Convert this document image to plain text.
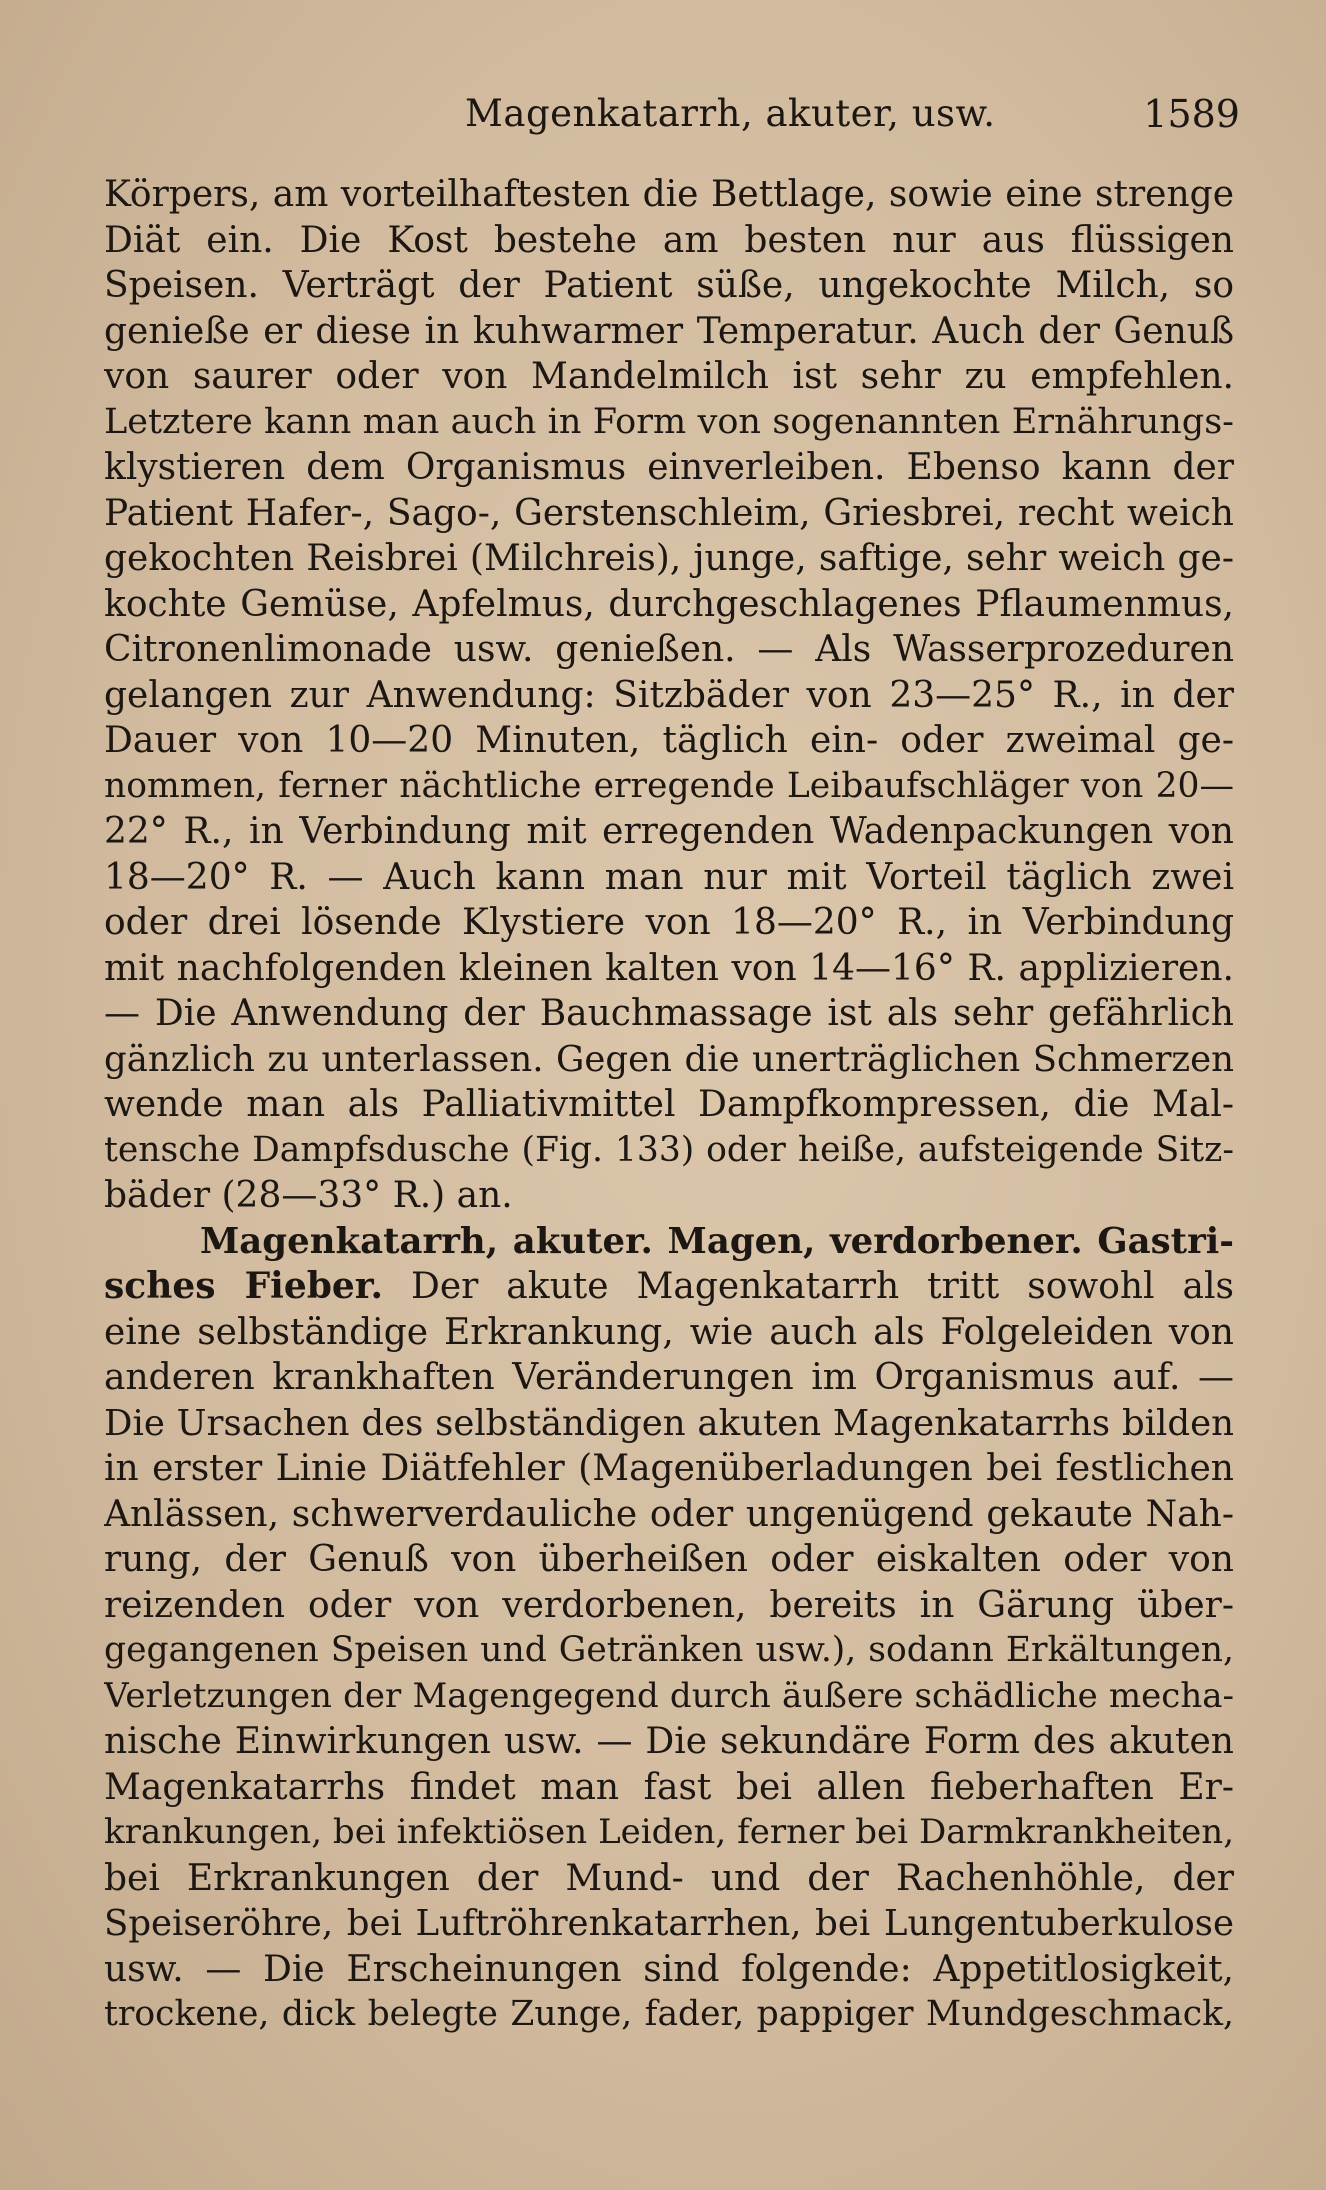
Magenkatarrh, akuter, usw.	1589
Körpers, am vorteilhaftesten die Bettlage, sowie eine strenge
Diät ein. Die Kost bestehe am besten nur aus flüssigen
Speisen. Verträgt der Patient süße, ungekochte Milch, so
genieße er diese in kuhwarmer Temperatur. Auch der Genuß
von saurer oder von Mandelmilch ist sehr zu empfehlen.
Letztere kann man auch in Form von sogenannten Ernährungs-
klystieren dem Organismus einverleiben. Ebenso kann der
Patient Hafer-, Sago-, Gerstenschleim, Griesbrei, recht weich
gekochten Reisbrei (Milchreis), junge, saftige, sehr weich ge-
kochte Gemüse, Apfelmus, durchgeschlagenes Pflaumenmus,
Citronenlimonade usw. genießen. — Als Wasserprozeduren
gelangen zur Anwendung: Sitzbäder von 23—25° R., in der
Dauer von 10—20 Minuten, täglich ein- oder zweimal ge-
nommen, ferner nächtliche erregende Leibaufschläger von 20—
22° R., in Verbindung mit erregenden Wadenpackungen von
18—20° R. — Auch kann man nur mit Vorteil täglich zwei
oder drei lösende Klystiere von 18—20° R., in Verbindung
mit nachfolgenden kleinen kalten von 14—16° R. applizieren.
— Die Anwendung der Bauchmassage ist als sehr gefährlich
gänzlich zu unterlassen. Gegen die unerträglichen Schmerzen
wende man als Palliativmittel Dampfkompressen, die Mal-
tensche Dampfsdusche (Fig. 133) oder heiße, aufsteigende Sitz-
bäder (28—33° R.) an.
Magenkatarrh, akuter. Magen, verdorbener. Gastri-
sches Fieber. Der akute Magenkatarrh tritt sowohl als
eine selbständige Erkrankung, wie auch als Folgeleiden von
anderen krankhaften Veränderungen im Organismus auf. —
Die Ursachen des selbständigen akuten Magenkatarrhs bilden
in erster Linie Diätfehler (Magenüberladungen bei festlichen
Anlässen, schwerverdauliche oder ungenügend gekaute Nah-
rung, der Genuß von überheißen oder eiskalten oder von
reizenden oder von verdorbenen, bereits in Gärung über-
gegangenen Speisen und Getränken usw.), sodann Erkältungen,
Verletzungen der Magengegend durch äußere schädliche mecha-
nische Einwirkungen usw. — Die sekundäre Form des akuten
Magenkatarrhs findet man fast bei allen fieberhaften Er-
krankungen, bei infektiösen Leiden, ferner bei Darmkrankheiten,
bei Erkrankungen der Mund- und der Rachenhöhle, der
Speiseröhre, bei Luftröhrenkatarrhen, bei Lungentuberkulose
usw. — Die Erscheinungen sind folgende: Appetitlosigkeit,
trockene, dick belegte Zunge, fader, pappiger Mundgeschmack,
